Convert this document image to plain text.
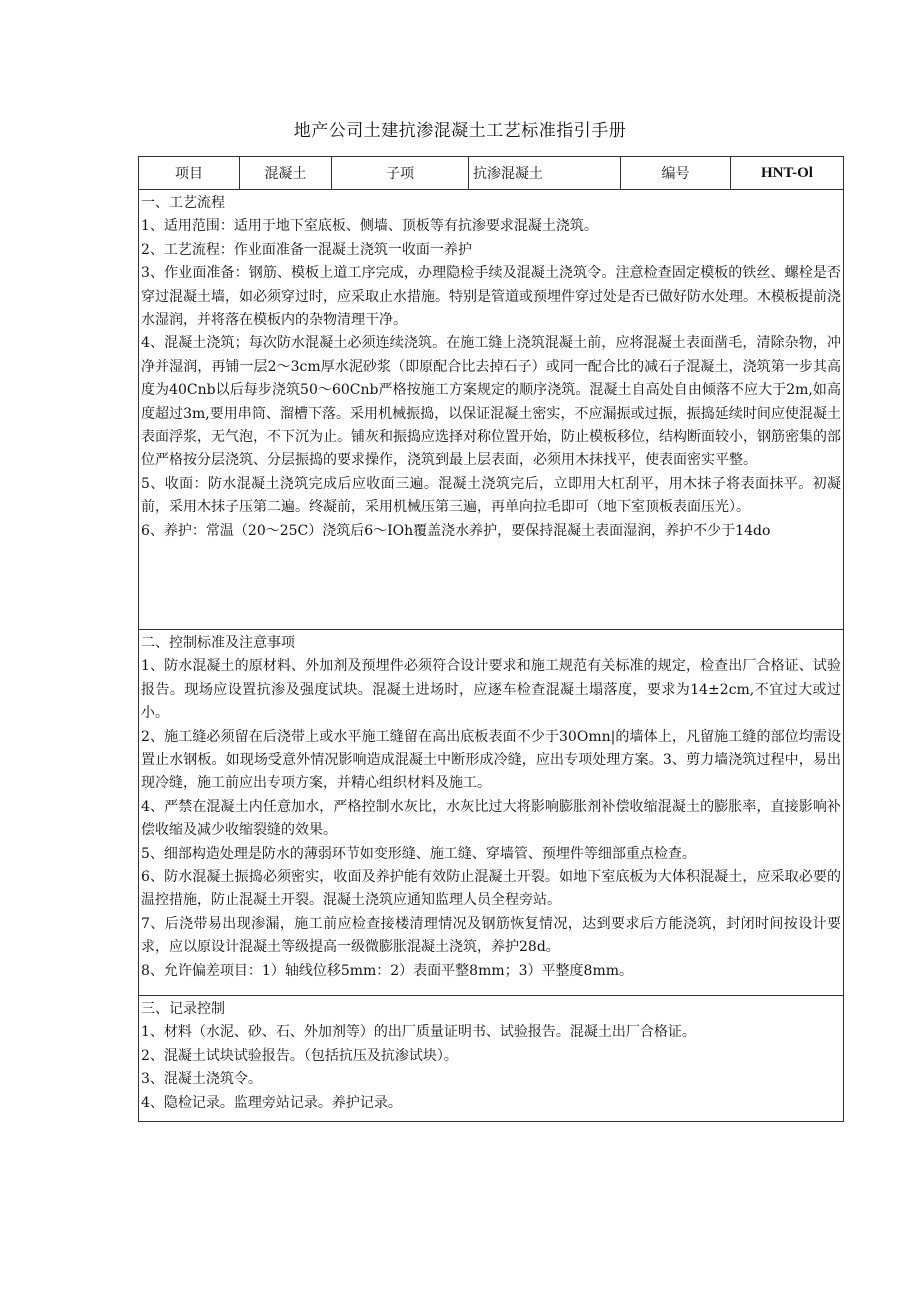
地产公司土建抗渗混凝土工艺标准指引手册
项目	混凝土	子项	抗渗混凝土	编号	HNT-Ol
一、工艺流程

1、适用范围：适用于地下室底板、侧墙、顶板等有抗渗要求混凝土浇筑。

2、工艺流程：作业面准备一混凝土浇筑一收面一养护

3、作业面准备：钢筋、模板上道工序完成，办理隐检手续及混凝土浇筑令。注意检查固定模板的铁丝、螺栓是否穿过混凝土墙，如必须穿过时，应采取止水措施。特别是管道或预埋件穿过处是否已做好防水处理。木模板提前浇水湿润，并将落在模板内的杂物清理干净。

4、混凝土浇筑；每次防水混凝土必须连续浇筑。在施工缝上浇筑混凝土前，应将混凝土表面凿毛，清除杂物，冲净并湿润，再铺一层2～3cm厚水泥砂浆（即原配合比去掉石子）或同一配合比的减石子混凝土，浇筑第一步其高度为40Cnb以后每步浇筑50～60Cnb严格按施工方案规定的顺序浇筑。混凝土自高处自由倾落不应大于2m,如高度超过3m,要用串筒、溜槽下落。采用机械振捣，以保证混凝土密实，不应漏振或过振，振捣延续时间应使混凝土表面浮浆，无气泡，不下沉为止。铺灰和振捣应选择对称位置开始，防止模板移位，结构断面较小，钢筋密集的部位严格按分层浇筑、分层振捣的要求操作，浇筑到最上层表面，必须用木抹找平，使表面密实平整。

5、收面：防水混凝土浇筑完成后应收面三遍。混凝土浇筑完后，立即用大杠刮平，用木抹子将表面抹平。初凝前，采用木抹子压第二遍。终凝前，采用机械压第三遍，再单向拉毛即可（地下室顶板表面压光）。

6、养护：常温（20～25C）浇筑后6～IOh覆盖浇水养护，要保持混凝土表面湿润，养护不少于14do

二、控制标准及注意事项

1、防水混凝土的原材料、外加剂及预埋件必须符合设计要求和施工规范有关标准的规定，检查出厂合格证、试验报告。现场应设置抗渗及强度试块。混凝土进场时，应逐车检查混凝土塌落度，要求为14±2cm,不宜过大或过小。

2、施工缝必须留在后浇带上或水平施工缝留在高出底板表面不少于30Omn|的墙体上，凡留施工缝的部位均需设置止水钢板。如现场受意外情况影响造成混凝土中断形成冷缝，应出专项处理方案。3、剪力墙浇筑过程中，易出现冷缝，施工前应出专项方案，并精心组织材料及施工。

4、严禁在混凝土内任意加水，严格控制水灰比，水灰比过大将影响膨胀剂补偿收缩混凝土的膨胀率，直接影响补偿收缩及减少收缩裂缝的效果。

5、细部构造处理是防水的薄弱环节如变形缝、施工缝、穿墙管、预埋件等细部重点检查。

6、防水混凝土振捣必须密实，收面及养护能有效防止混凝土开裂。如地下室底板为大体积混凝土，应采取必要的温控措施，防止混凝土开裂。混凝土浇筑应通知监理人员全程旁站。

7、后浇带易出现渗漏，施工前应检查接楼清理情况及钢筋恢复情况，达到要求后方能浇筑，封闭时间按设计要求，应以原设计混凝土等级提高一级微膨胀混凝土浇筑，养护28d。

8、允许偏差项目：1）轴线位移5mm：2）表面平整8mm；3）平整度8mm。

三、记录控制

1、材料（水泥、砂、石、外加剂等）的出厂质量证明书、试验报告。混凝土出厂合格证。

2、混凝土试块试验报告。（包括抗压及抗渗试块）。

3、混凝土浇筑令。

4、隐检记录。监理旁站记录。养护记录。
